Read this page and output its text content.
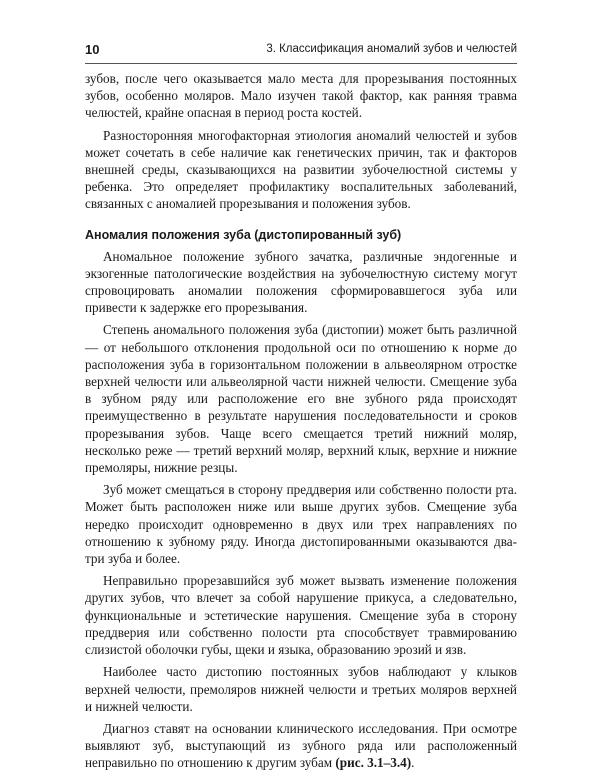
10	3. Классификация аномалий зубов и челюстей

зубов, после чего оказывается мало места для прорезывания постоянных зубов, особенно моляров. Мало изучен такой фактор, как ранняя травма челюстей, крайне опасная в период роста костей.

Разносторонняя многофакторная этиология аномалий челюстей и зубов может сочетать в себе наличие как генетических причин, так и факторов внешней среды, сказывающихся на развитии зубочелюстной системы у ребенка. Это определяет профилактику воспалительных заболеваний, связанных с аномалией прорезывания и положения зубов.

Аномалия положения зуба (дистопированный зуб)

Аномальное положение зубного зачатка, различные эндогенные и экзогенные патологические воздействия на зубочелюстную систему могут спровоцировать аномалии положения сформировавшегося зуба или привести к задержке его прорезывания.

Степень аномального положения зуба (дистопии) может быть различной — от небольшого отклонения продольной оси по отношению к норме до расположения зуба в горизонтальном положении в альвеолярном отростке верхней челюсти или альвеолярной части нижней челюсти. Смещение зуба в зубном ряду или расположение его вне зубного ряда происходят преимущественно в результате нарушения последовательности и сроков прорезывания зубов. Чаще всего смещается третий нижний моляр, несколько реже — третий верхний моляр, верхний клык, верхние и нижние премоляры, нижние резцы.

Зуб может смещаться в сторону преддверия или собственно полости рта. Может быть расположен ниже или выше других зубов. Смещение зуба нередко происходит одновременно в двух или трех направлениях по отношению к зубному ряду. Иногда дистопированными оказываются два-три зуба и более.

Неправильно прорезавшийся зуб может вызвать изменение положения других зубов, что влечет за собой нарушение прикуса, а следовательно, функциональные и эстетические нарушения. Смещение зуба в сторону преддверия или собственно полости рта способствует травмированию слизистой оболочки губы, щеки и языка, образованию эрозий и язв.

Наиболее часто дистопию постоянных зубов наблюдают у клыков верхней челюсти, премоляров нижней челюсти и третьих моляров верхней и нижней челюсти.

Диагноз ставят на основании клинического исследования. При осмотре выявляют зуб, выступающий из зубного ряда или расположенный неправильно по отношению к другим зубам (рис. 3.1–3.4).
